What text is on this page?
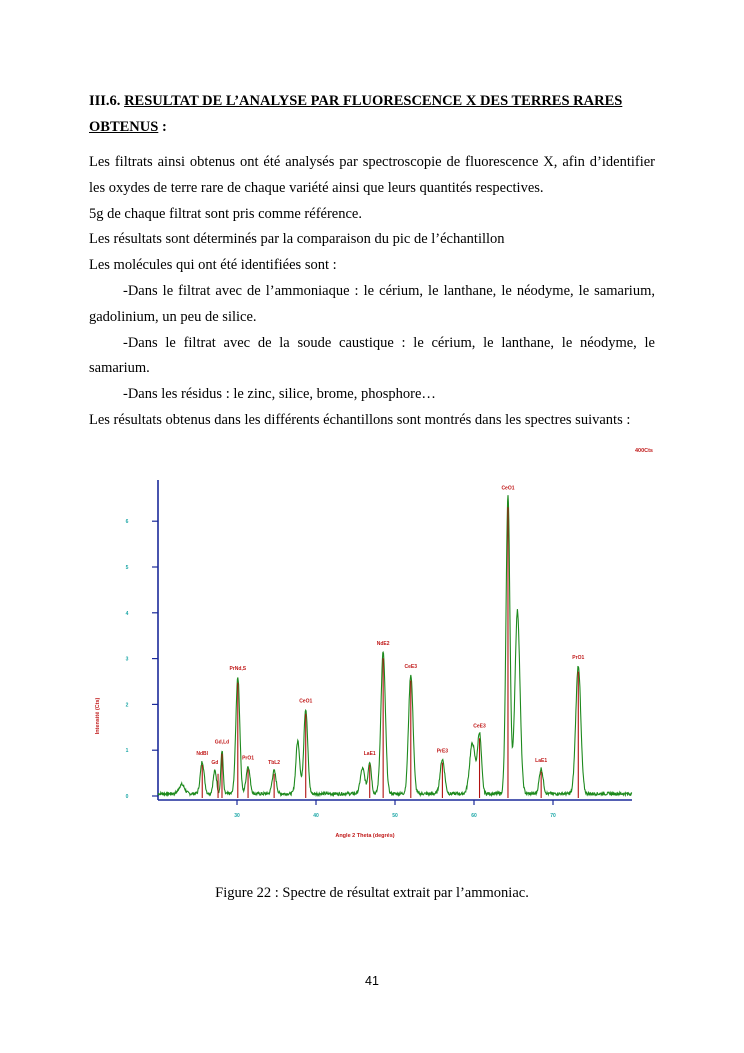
III.6. RESULTAT DE L’ANALYSE PAR FLUORESCENCE X DES TERRES RARES
OBTENUS :

Les filtrats ainsi obtenus ont été analysés par spectroscopie de fluorescence X, afin d’identifier les oxydes de terre rare de chaque variété ainsi que leurs quantités respectives.

5g de chaque filtrat sont pris comme référence.

Les résultats sont déterminés par la comparaison du pic de l’échantillon

Les molécules qui ont été identifiées sont :

-Dans le filtrat avec de l’ammoniaque : le cérium, le lanthane, le néodyme, le samarium, gadolinium, un peu de silice.

-Dans le filtrat avec de la soude caustique : le cérium, le lanthane, le néodyme, le samarium.

-Dans les résidus : le zinc, silice, brome, phosphore…

Les résultats obtenus dans les différents échantillons sont montrés dans les spectres suivants :

0
1
2
3
4
5
6
30	40	50	60	70
Angle 2 Theta (degrés)
Intensité (Cts)
400Cts
NdBl
Gd
Gd,Ld
PrNd,S
PrO1
TbL2
CeO1
LaE1
NdE2
CeE3
PrE3
CeE3
CeO1
LaE1
PrO1
Figure 22 : Spectre de résultat extrait par l’ammoniac.
41
